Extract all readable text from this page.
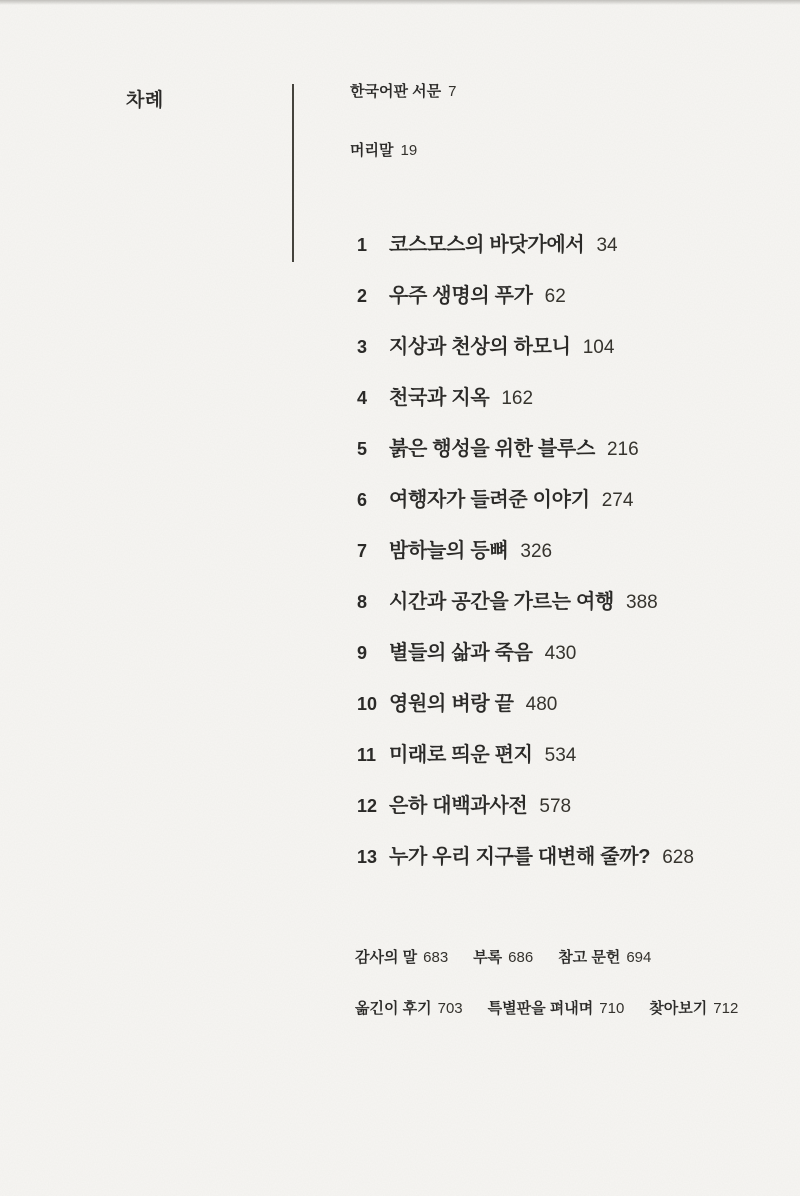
차례	한국어판 서문 7
머리말 19
1	코스모스의 바닷가에서 34
2	우주 생명의 푸가 62
3	지상과 천상의 하모니 104
4	천국과 지옥 162
5	붉은 행성을 위한 블루스 216
6	여행자가 들려준 이야기 274
7	밤하늘의 등뼈 326
8	시간과 공간을 가르는 여행 388
9	별들의 삶과 죽음 430
10 영원의 벼랑 끝 480
11 미래로 띄운 편지 534
12 은하 대백과사전 578
13 누가 우리 지구를 대변해 줄까? 628
감사의 말 683 부록 686 참고 문헌 694
옮긴이 후기 703 특별판을 펴내며 710 찾아보기 712
